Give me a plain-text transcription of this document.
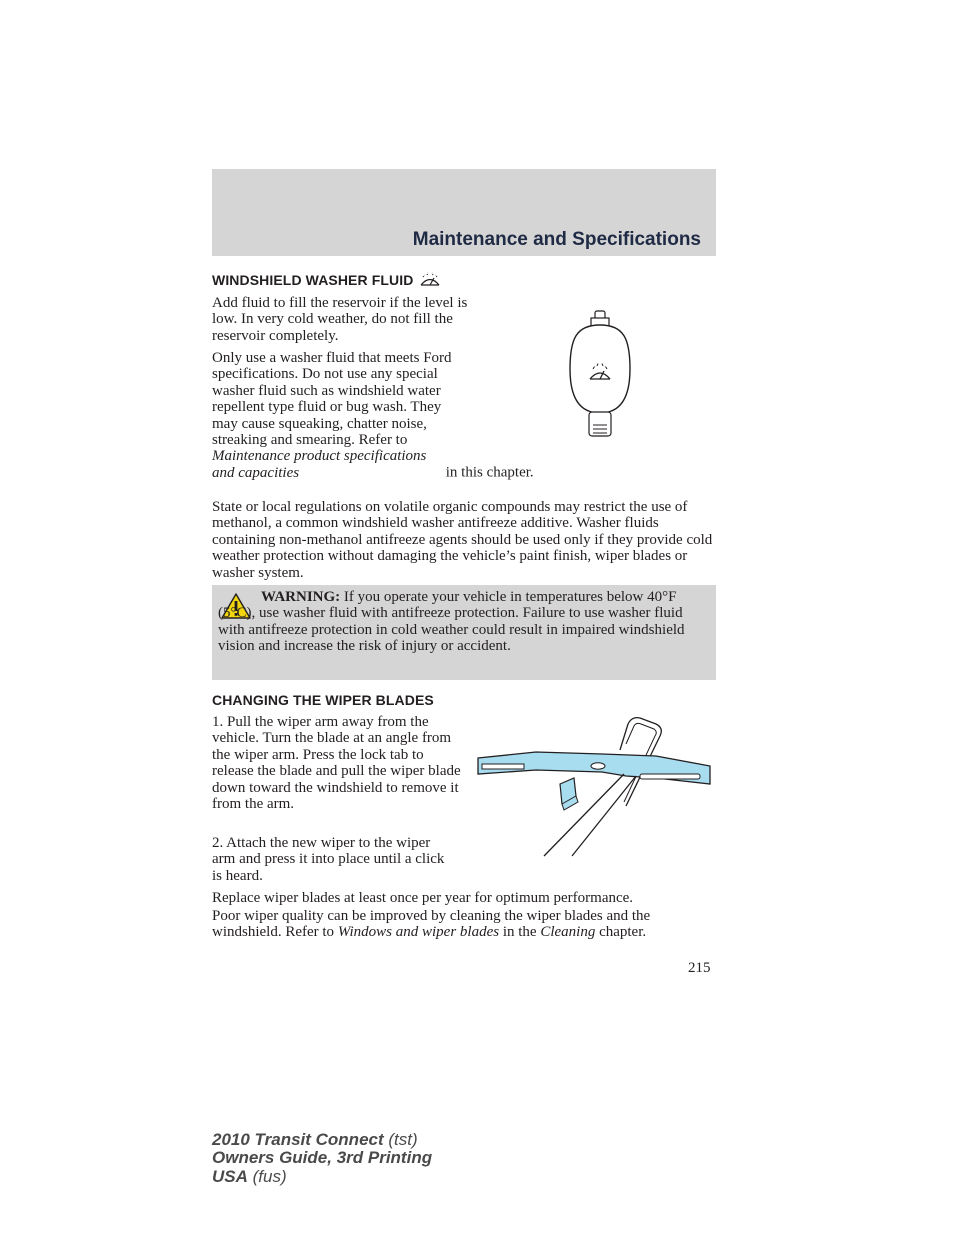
Maintenance and Specifications
WINDSHIELD WASHER FLUID

Add fluid to fill the reservoir if the level is low. In very cold weather, do not fill the reservoir completely.

Only use a washer fluid that meets Ford specifications. Do not use any special washer fluid such as windshield water repellent type fluid or bug wash. They may cause squeaking, chatter noise, streaking and smearing. Refer to

Maintenance product specifications and capacities	in this chapter.

State or local regulations on volatile organic compounds may restrict the use of methanol, a common windshield washer antifreeze additive. Washer fluids containing non-methanol antifreeze agents should be used only if they provide cold weather protection without damaging the vehicle’s paint finish, wiper blades or washer system.

WARNING: If you operate your vehicle in temperatures below 40°F (5°C), use washer fluid with antifreeze protection. Failure to use washer fluid with antifreeze protection in cold weather could result in impaired windshield vision and increase the risk of injury or accident.
CHANGING THE WIPER BLADES

1. Pull the wiper arm away from the vehicle. Turn the blade at an angle from the wiper arm. Press the lock tab to release the blade and pull the wiper blade down toward the windshield to remove it from the arm.

2. Attach the new wiper to the wiper arm and press it into place until a click is heard.

Replace wiper blades at least once per year for optimum performance.

Poor wiper quality can be improved by cleaning the wiper blades and the windshield. Refer to Windows and wiper blades in the Cleaning chapter.

215
2010 Transit Connect (tst)
Owners Guide, 3rd Printing
USA (fus)
